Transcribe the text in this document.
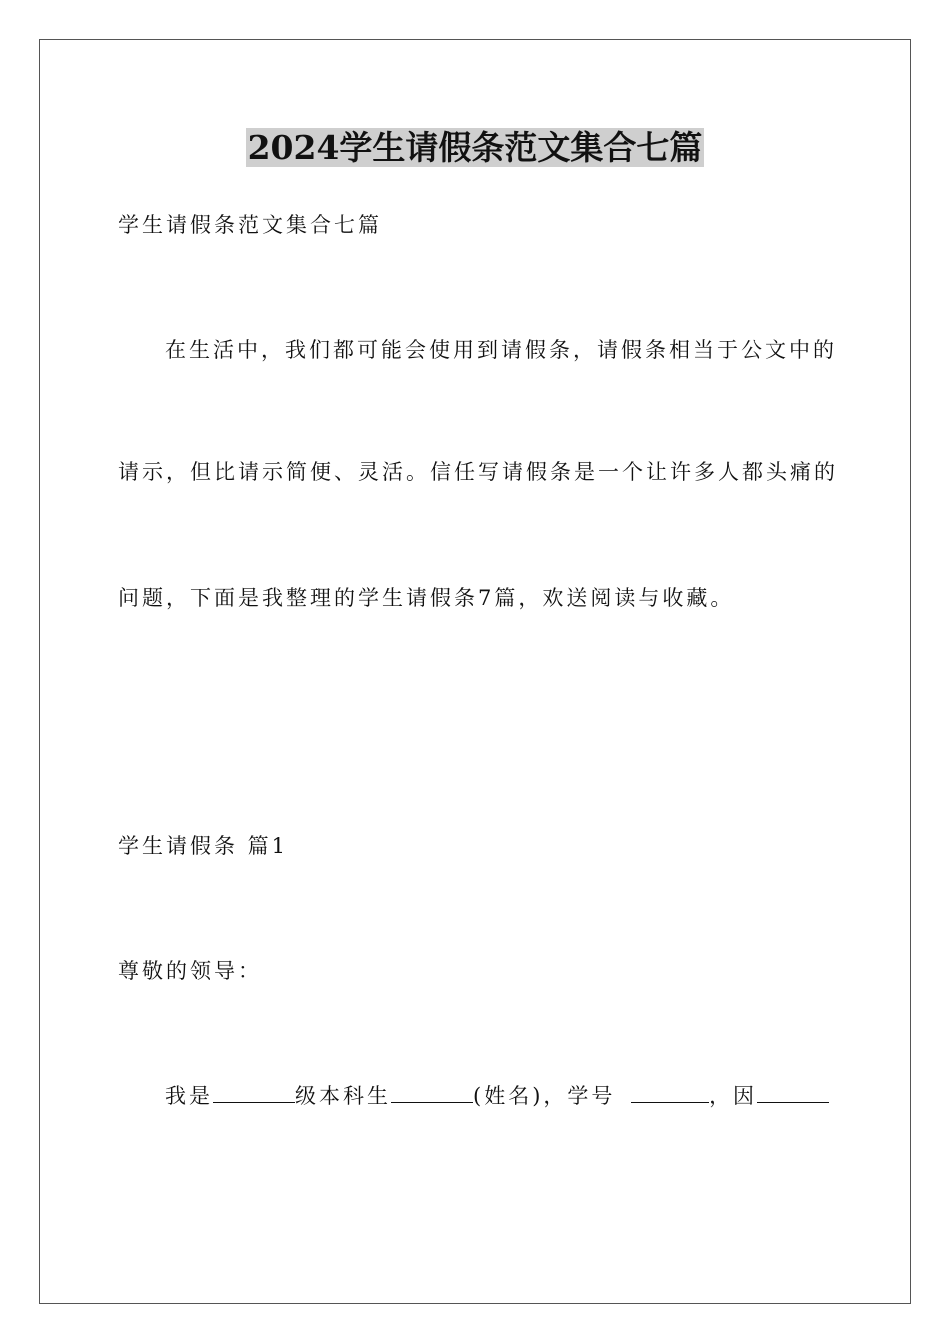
2024学生请假条范文集合七篇
学生请假条范文集合七篇
在生活中，我们都可能会使用到请假条，请假条相当于公文中的
请示，但比请示简便、灵活。信任写请假条是一个让许多人都头痛的
问题，下面是我整理的学生请假条7篇，欢送阅读与收藏。
学生请假条 篇1
尊敬的领导：
我是	级本科生	(姓名)，学号	，因
